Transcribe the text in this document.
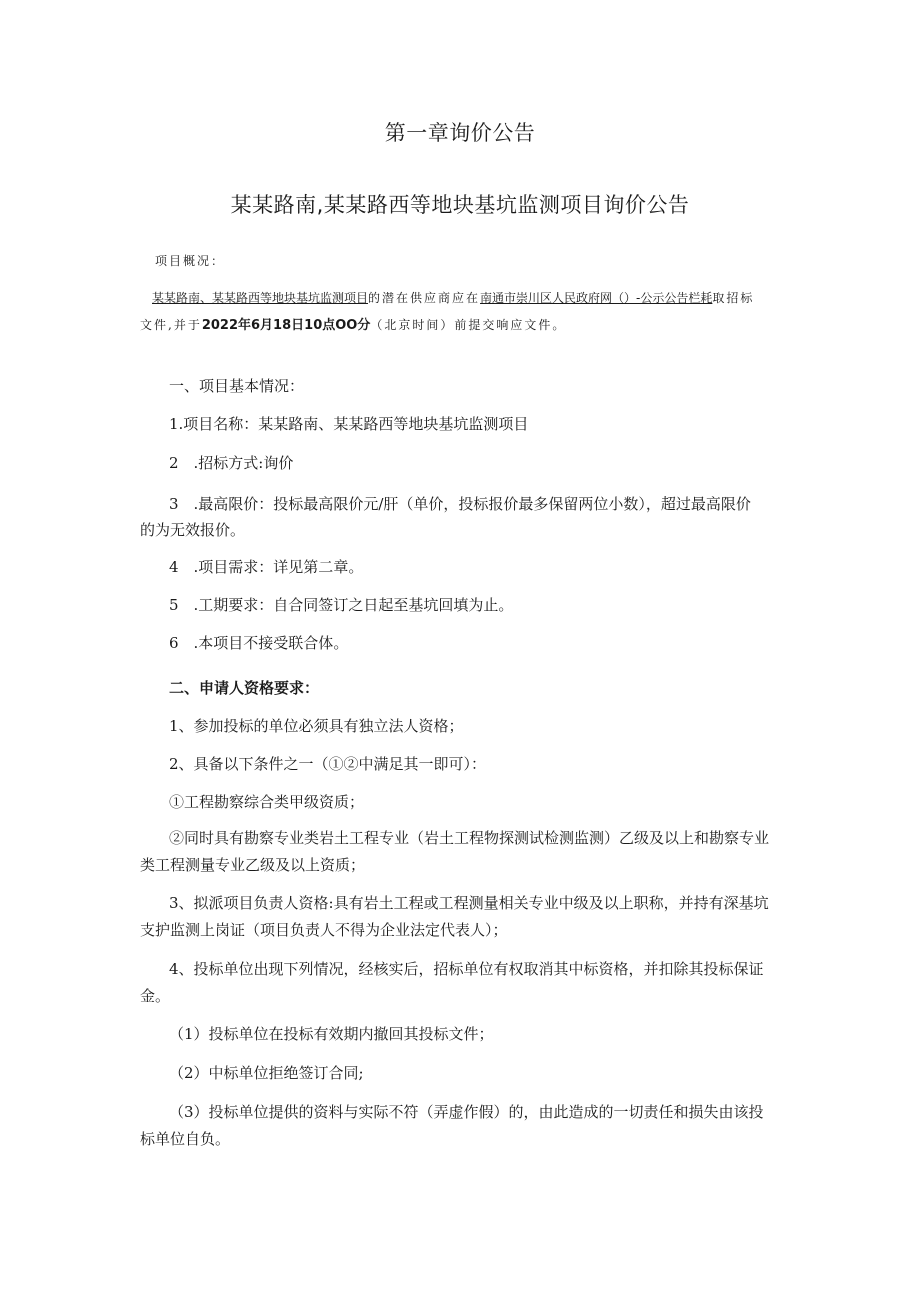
第一章询价公告
某某路南,某某路西等地块基坑监测项目询价公告
项目概况：
某某路南、某某路西等地块基坑监测项目的潜在供应商应在南通市崇川区人民政府网（）-公示公告栏耗取招标
文件,并于2022年6月18日10点OO分（北京时间）前提交响应文件。
一、项目基本情况：
1.项目名称：某某路南、某某路西等地块基坑监测项目
2　.招标方式:询价
3　.最高限价：投标最高限价元/肝（单价，投标报价最多保留两位小数），超过最高限价
的为无效报价。
4　.项目需求：详见第二章。
5　.工期要求：自合同签订之日起至基坑回填为止。
6　.本项目不接受联合体。
二、申请人资格要求：
1、参加投标的单位必须具有独立法人资格；
2、具备以下条件之一（①②中满足其一即可）：
①工程勘察综合类甲级资质；
②同时具有勘察专业类岩土工程专业（岩土工程物探测试检测监测）乙级及以上和勘察专业
类工程测量专业乙级及以上资质；
3、拟派项目负责人资格:具有岩土工程或工程测量相关专业中级及以上职称，并持有深基坑
支护监测上岗证（项目负责人不得为企业法定代表人）；
4、投标单位出现下列情况，经核实后，招标单位有权取消其中标资格，并扣除其投标保证
金。
（1）投标单位在投标有效期内撤回其投标文件；
（2）中标单位拒绝签订合同;
（3）投标单位提供的资料与实际不符（弄虚作假）的，由此造成的一切责任和损失由该投
标单位自负。
